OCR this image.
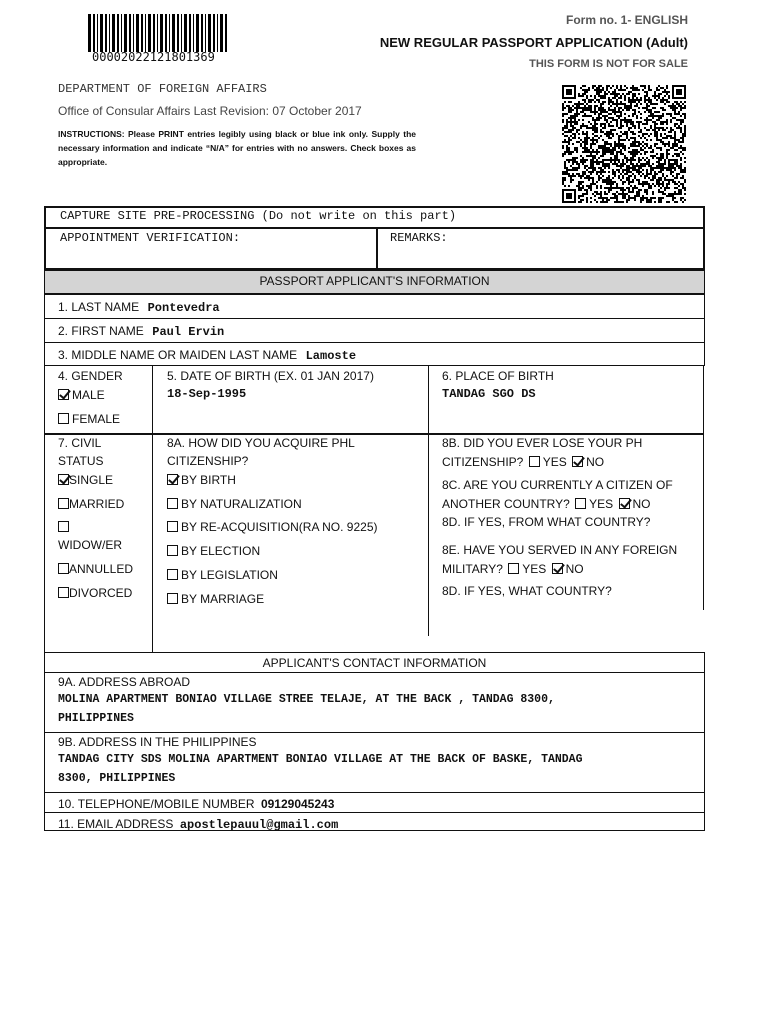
00002022121801369
Form no. 1- ENGLISH
NEW REGULAR PASSPORT APPLICATION (Adult)
THIS FORM IS NOT FOR SALE
DEPARTMENT OF FOREIGN AFFAIRS
Office of Consular Affairs Last Revision: 07 October 2017
INSTRUCTIONS: Please PRINT entries legibly using black or blue ink only. Supply the necessary information and indicate “N/A” for entries with no answers. Check boxes as appropriate.
CAPTURE SITE PRE-PROCESSING (Do not write on this part)
APPOINTMENT VERIFICATION:	REMARKS:
PASSPORT APPLICANT'S INFORMATION
1. LAST NAME Pontevedra
2. FIRST NAME Paul Ervin
3. MIDDLE NAME OR MAIDEN LAST NAME Lamoste
4. GENDER
MALE
FEMALE
5. DATE OF BIRTH (EX. 01 JAN 2017)
18-Sep-1995
6. PLACE OF BIRTH
TANDAG SGO DS
7. CIVIL
STATUS
SINGLE
MARRIED
WIDOW/ER
ANNULLED
DIVORCED
8A. HOW DID YOU ACQUIRE PHL
CITIZENSHIP?
BY BIRTH
BY NATURALIZATION
BY RE-ACQUISITION(RA NO. 9225)
BY ELECTION
BY LEGISLATION
BY MARRIAGE
8B. DID YOU EVER LOSE YOUR PH
CITIZENSHIP? YES NO
8C. ARE YOU CURRENTLY A CITIZEN OF
ANOTHER COUNTRY? YES NO
8D. IF YES, FROM WHAT COUNTRY?
8E. HAVE YOU SERVED IN ANY FOREIGN
MILITARY? YES NO
8D. IF YES, WHAT COUNTRY?
APPLICANT'S CONTACT INFORMATION
9A. ADDRESS ABROAD
MOLINA APARTMENT BONIAO VILLAGE STREE TELAJE, AT THE BACK , TANDAG 8300,
PHILIPPINES
9B. ADDRESS IN THE PHILIPPINES
TANDAG CITY SDS MOLINA APARTMENT BONIAO VILLAGE AT THE BACK OF BASKE, TANDAG
8300, PHILIPPINES
10. TELEPHONE/MOBILE NUMBER 09129045243
11. EMAIL ADDRESS apostlepauul@gmail.com
